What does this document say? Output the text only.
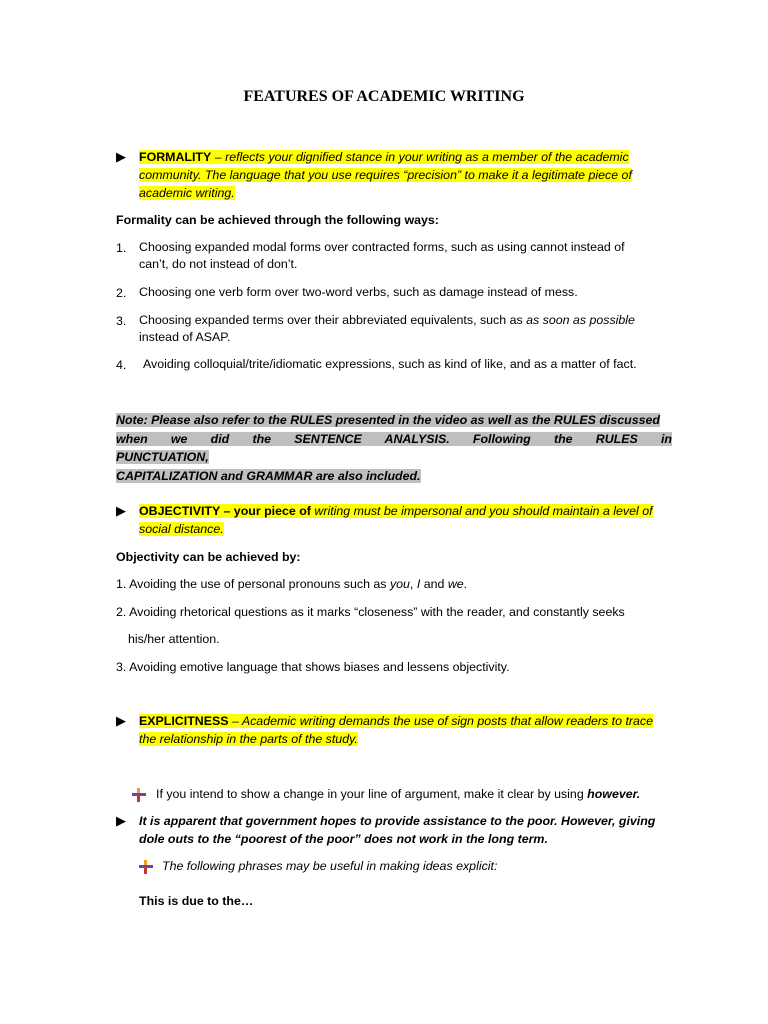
FEATURES OF ACADEMIC WRITING
▶	FORMALITY – reflects your dignified stance in your writing as a member of the academic
community. The language that you use requires “precision” to make it a legitimate piece of
academic writing.
Formality can be achieved through the following ways:
1.	Choosing expanded modal forms over contracted forms, such as using cannot instead of
can’t, do not instead of don’t.
2.	Choosing one verb form over two-word verbs, such as damage instead of mess.
3.	Choosing expanded terms over their abbreviated equivalents, such as as soon as possible
instead of ASAP.
4.	Avoiding colloquial/trite/idiomatic expressions, such as kind of like, and as a matter of fact.
Note: Please also refer to the RULES presented in the video as well as the RULES discussed
when we did the SENTENCE ANALYSIS. Following the RULES in PUNCTUATION,
CAPITALIZATION and GRAMMAR are also included.
▶	OBJECTIVITY – your piece of writing must be impersonal and you should maintain a level of
social distance.
Objectivity can be achieved by:
1. Avoiding the use of personal pronouns such as you, I and we.
2. Avoiding rhetorical questions as it marks “closeness” with the reader, and constantly seeks
his/her attention.
3. Avoiding emotive language that shows biases and lessens objectivity.
▶	EXPLICITNESS – Academic writing demands the use of sign posts that allow readers to trace
the relationship in the parts of the study.
If you intend to show a change in your line of argument, make it clear by using however.
▶	It is apparent that government hopes to provide assistance to the poor. However, giving
dole outs to the “poorest of the poor” does not work in the long term.
The following phrases may be useful in making ideas explicit:
This is due to the…
